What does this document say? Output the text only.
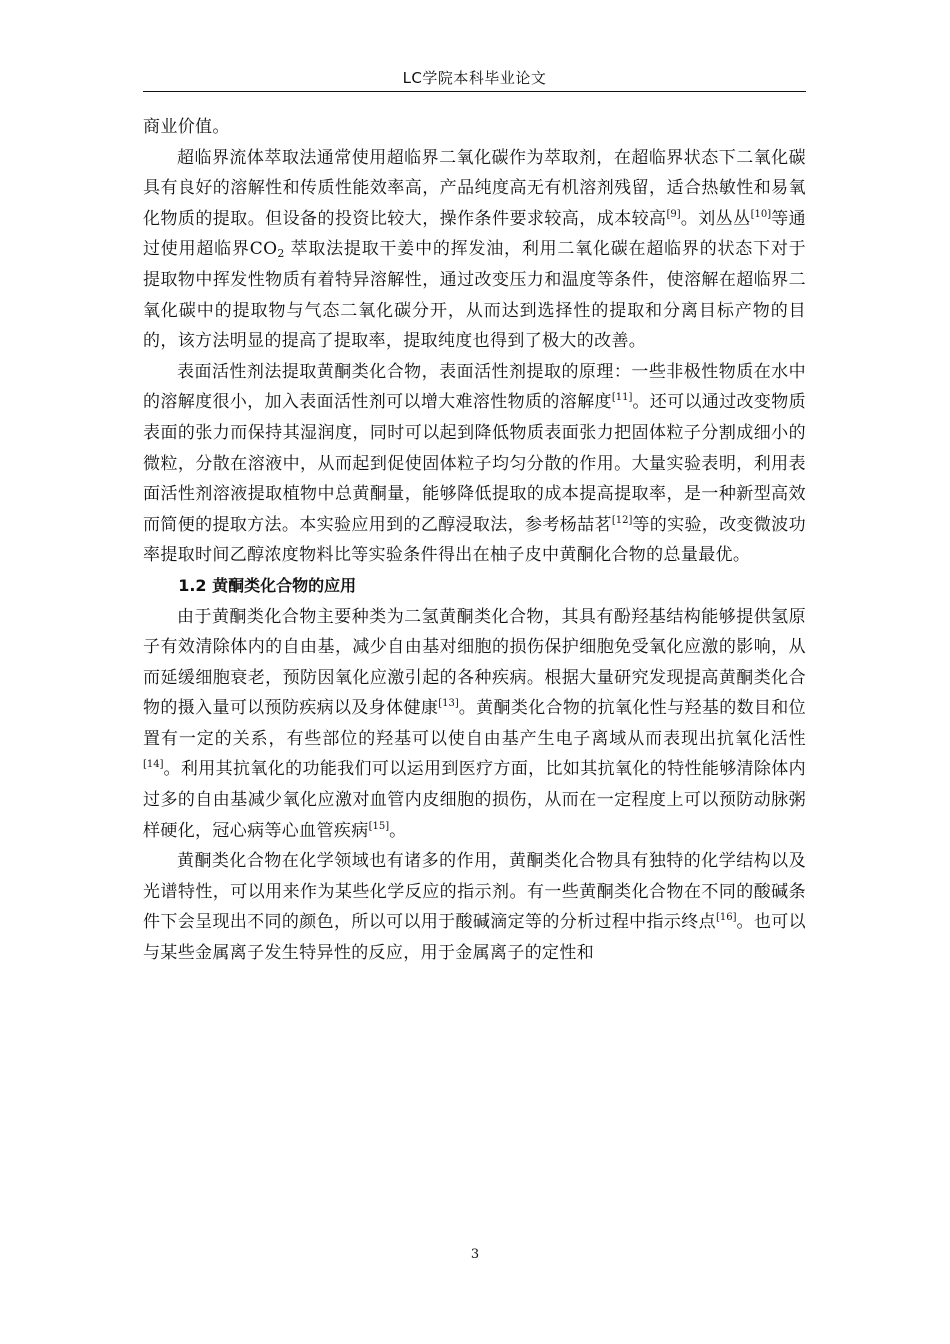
LC学院本科毕业论文

商业价值。

超临界流体萃取法通常使用超临界二氧化碳作为萃取剂，在超临界状态下二氧化碳具有良好的溶解性和传质性能效率高，产品纯度高无有机溶剂残留，适合热敏性和易氧化物质的提取。但设备的投资比较大，操作条件要求较高，成本较高[9]。刘丛丛[10]等通过使用超临界$CO_2$ 萃取法提取干姜中的挥发油，利用二氧化碳在超临界的状态下对于提取物中挥发性物质有着特异溶解性，通过改变压力和温度等条件，使溶解在超临界二氧化碳中的提取物与气态二氧化碳分开，从而达到选择性的提取和分离目标产物的目的，该方法明显的提高了提取率，提取纯度也得到了极大的改善。

表面活性剂法提取黄酮类化合物，表面活性剂提取的原理：一些非极性物质在水中的溶解度很小，加入表面活性剂可以增大难溶性物质的溶解度[11]。还可以通过改变物质表面的张力而保持其湿润度，同时可以起到降低物质表面张力把固体粒子分割成细小的微粒，分散在溶液中，从而起到促使固体粒子均匀分散的作用。大量实验表明，利用表面活性剂溶液提取植物中总黄酮量，能够降低提取的成本提高提取率，是一种新型高效而简便的提取方法。本实验应用到的乙醇浸取法，参考杨喆茗[12]等的实验，改变微波功率提取时间乙醇浓度物料比等实验条件得出在柚子皮中黄酮化合物的总量最优。

1.2 黄酮类化合物的应用

由于黄酮类化合物主要种类为二氢黄酮类化合物，其具有酚羟基结构能够提供氢原子有效清除体内的自由基，减少自由基对细胞的损伤保护细胞免受氧化应激的影响，从而延缓细胞衰老，预防因氧化应激引起的各种疾病。根据大量研究发现提高黄酮类化合物的摄入量可以预防疾病以及身体健康[13]。黄酮类化合物的抗氧化性与羟基的数目和位置有一定的关系，有些部位的羟基可以使自由基产生电子离域从而表现出抗氧化活性[14]。利用其抗氧化的功能我们可以运用到医疗方面，比如其抗氧化的特性能够清除体内过多的自由基减少氧化应激对血管内皮细胞的损伤，从而在一定程度上可以预防动脉粥样硬化，冠心病等心血管疾病[15]。

黄酮类化合物在化学领域也有诸多的作用，黄酮类化合物具有独特的化学结构以及光谱特性，可以用来作为某些化学反应的指示剂。有一些黄酮类化合物在不同的酸碱条件下会呈现出不同的颜色，所以可以用于酸碱滴定等的分析过程中指示终点[16]。也可以与某些金属离子发生特异性的反应，用于金属离子的定性和

3
